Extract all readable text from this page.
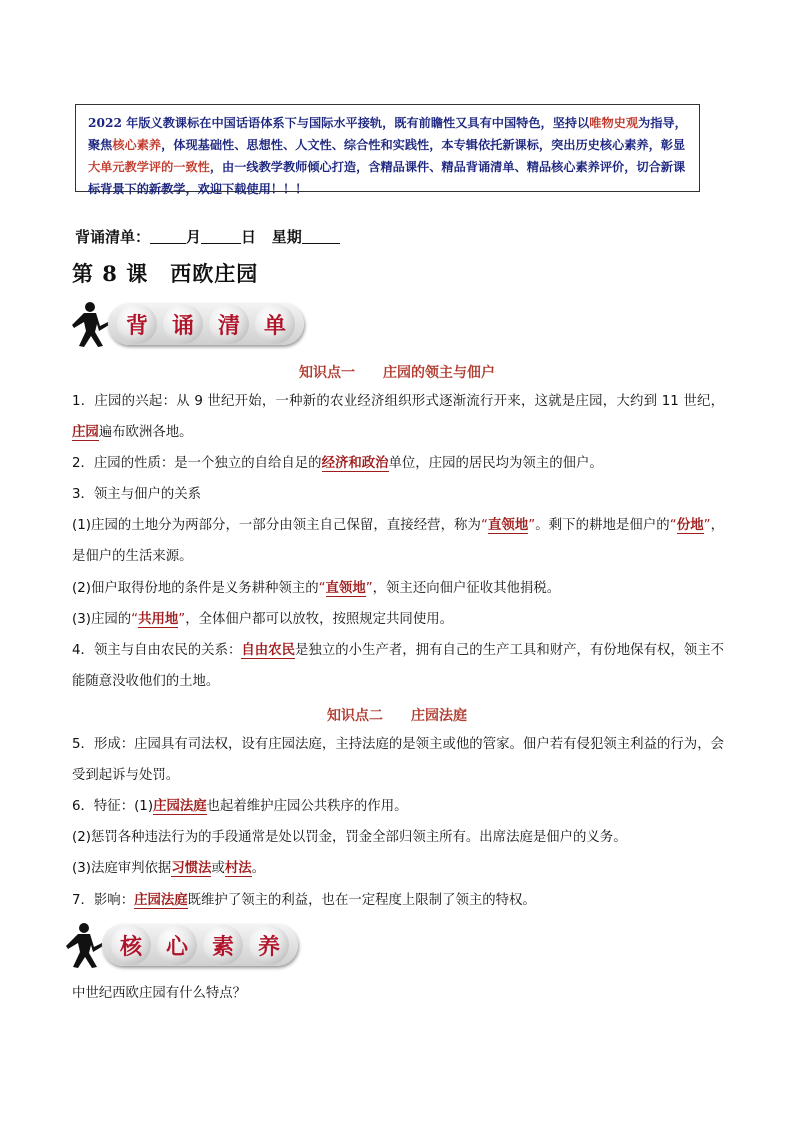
2022 年版义教课标在中国话语体系下与国际水平接轨，既有前瞻性又具有中国特色，坚持以唯物史观为指导，聚焦核心素养，体现基础性、思想性、人文性、综合性和实践性，本专辑依托新课标，突出历史核心素养，彰显大单元教学评的一致性，由一线教学教师倾心打造，含精品课件、精品背诵清单、精品核心素养评价，切合新课标背景下的新教学，欢迎下载使用！！！
背诵清单： 月	日 星期
第 8 课　西欧庄园
背	诵	清	单
知识点一 庄园的领主与佃户
1．庄园的兴起：从 9 世纪开始，一种新的农业经济组织形式逐渐流行开来，这就是庄园，大约到 11 世纪，庄园遍布欧洲各地。
2．庄园的性质：是一个独立的自给自足的经济和政治单位，庄园的居民均为领主的佃户。
3．领主与佃户的关系
(1)庄园的土地分为两部分，一部分由领主自己保留，直接经营，称为“直领地”。剩下的耕地是佃户的“份地”，是佃户的生活来源。
(2)佃户取得份地的条件是义务耕种领主的“直领地”，领主还向佃户征收其他捐税。
(3)庄园的“共用地”，全体佃户都可以放牧，按照规定共同使用。
4．领主与自由农民的关系：自由农民是独立的小生产者，拥有自己的生产工具和财产，有份地保有权，领主不能随意没收他们的土地。
知识点二 庄园法庭
5．形成：庄园具有司法权，设有庄园法庭，主持法庭的是领主或他的管家。佃户若有侵犯领主利益的行为，会受到起诉与处罚。
6．特征：(1)庄园法庭也起着维护庄园公共秩序的作用。
(2)惩罚各种违法行为的手段通常是处以罚金，罚金全部归领主所有。出席法庭是佃户的义务。
(3)法庭审判依据习惯法或村法。
7．影响：庄园法庭既维护了领主的利益，也在一定程度上限制了领主的特权。
核	心	素	养
中世纪西欧庄园有什么特点？
